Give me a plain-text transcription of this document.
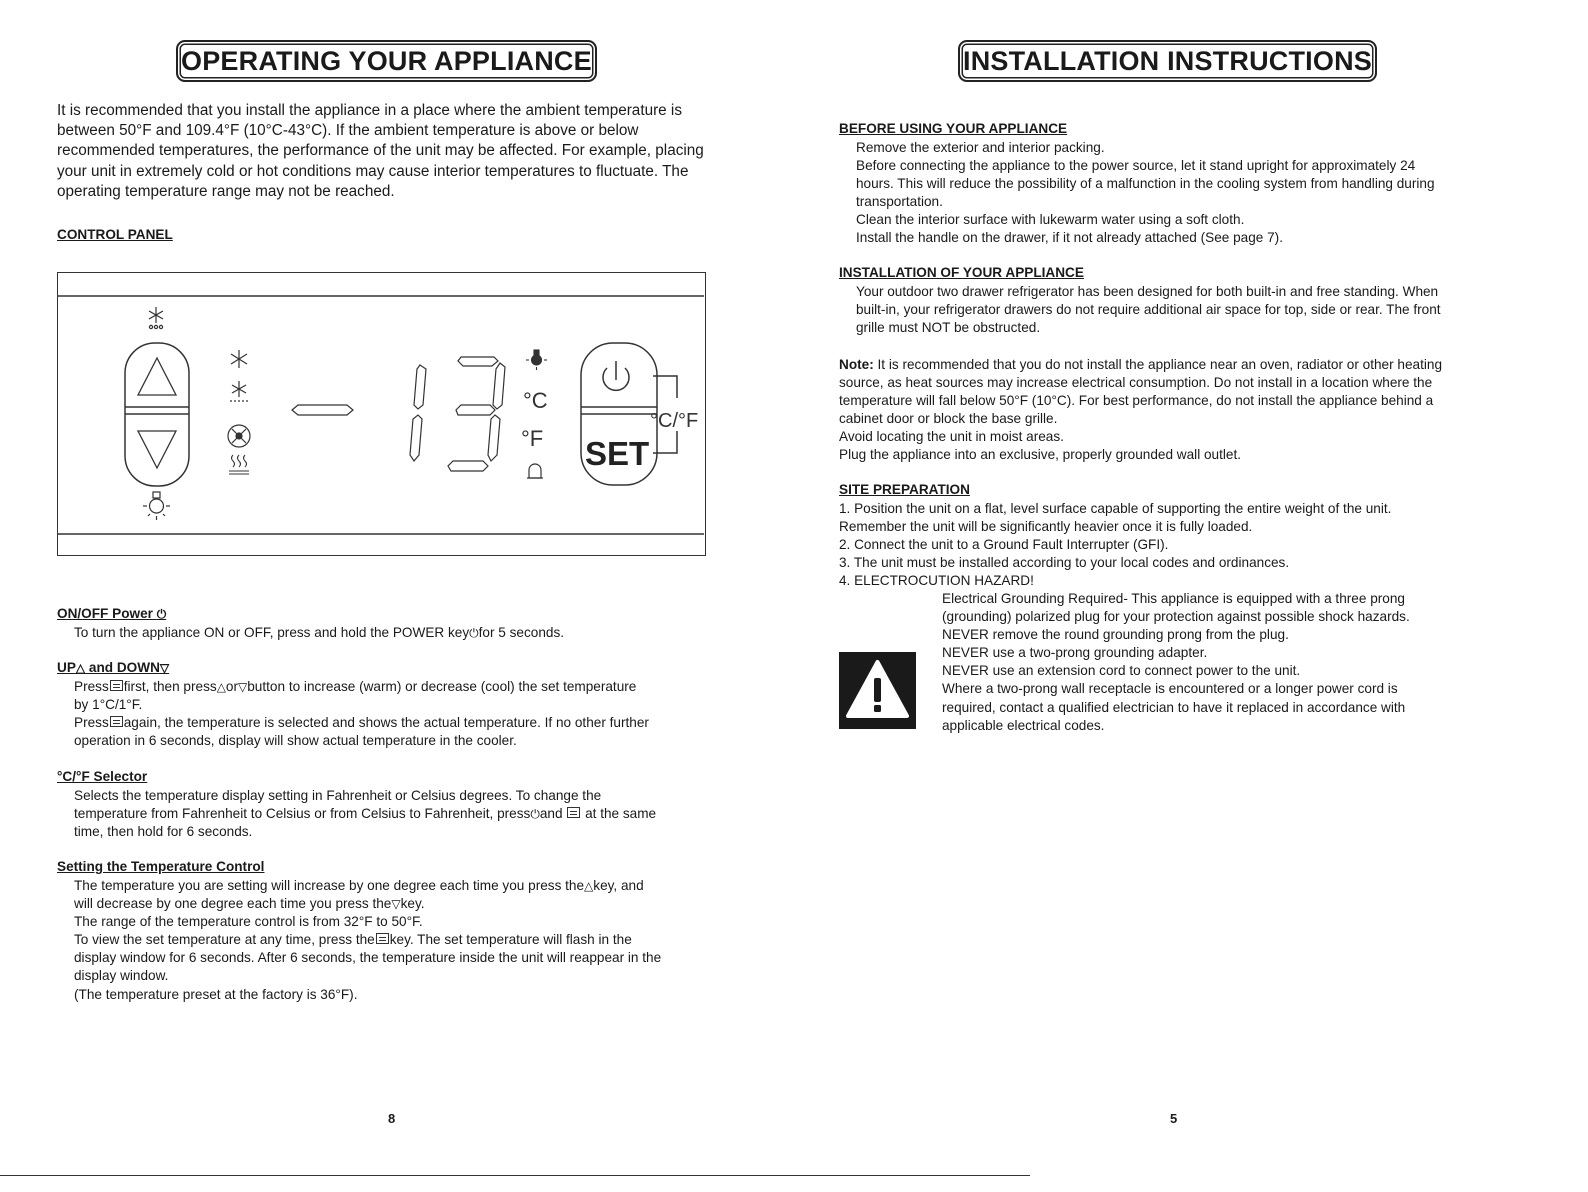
OPERATING YOUR APPLIANCE

It is recommended that you install the appliance in a place where the ambient temperature is between 50°F and 109.4°F (10°C-43°C). If the ambient temperature is above or below recommended temperatures, the performance of the unit may be affected. For example, placing your unit in extremely cold or hot conditions may cause interior temperatures to fluctuate. The operating temperature range may not be reached.

CONTROL PANEL

°C
°F SET
°C/°F

ON/OFF Power ⏻

To turn the appliance ON or OFF, press and hold the POWER key⏻for 5 seconds.

UP△ and DOWN▽

Press first, then press△or▽button to increase (warm) or decrease (cool) the set temperature

by 1°C/1°F.

Press again, the temperature is selected and shows the actual temperature. If no other further

operation in 6 seconds, display will show actual temperature in the cooler.

°C/°F Selector

Selects the temperature display setting in Fahrenheit or Celsius degrees. To change the

temperature from Fahrenheit to Celsius or from Celsius to Fahrenheit, press⏻and at the same

time, then hold for 6 seconds.

Setting the Temperature Control

The temperature you are setting will increase by one degree each time you press the△key, and

will decrease by one degree each time you press the▽key.

The range of the temperature control is from 32°F to 50°F.

To view the set temperature at any time, press the key. The set temperature will flash in the

display window for 6 seconds. After 6 seconds, the temperature inside the unit will reappear in the

display window.

(The temperature preset at the factory is 36°F).

8
INSTALLATION INSTRUCTIONS

BEFORE USING YOUR APPLIANCE

Remove the exterior and interior packing.

Before connecting the appliance to the power source, let it stand upright for approximately 24

hours. This will reduce the possibility of a malfunction in the cooling system from handling during

transportation.

Clean the interior surface with lukewarm water using a soft cloth.

Install the handle on the drawer, if it not already attached (See page 7).

INSTALLATION OF YOUR APPLIANCE

Your outdoor two drawer refrigerator has been designed for both built-in and free standing. When

built-in, your refrigerator drawers do not require additional air space for top, side or rear. The front

grille must NOT be obstructed.

Note: It is recommended that you do not install the appliance near an oven, radiator or other heating

source, as heat sources may increase electrical consumption. Do not install in a location where the

temperature will fall below 50°F (10°C). For best performance, do not install the appliance behind a

cabinet door or block the base grille.

Avoid locating the unit in moist areas.

Plug the appliance into an exclusive, properly grounded wall outlet.

SITE PREPARATION

1. Position the unit on a flat, level surface capable of supporting the entire weight of the unit.

Remember the unit will be significantly heavier once it is fully loaded.

2. Connect the unit to a Ground Fault Interrupter (GFI).

3. The unit must be installed according to your local codes and ordinances.

4. ELECTROCUTION HAZARD!

Electrical Grounding Required- This appliance is equipped with a three prong

(grounding) polarized plug for your protection against possible shock hazards.

NEVER remove the round grounding prong from the plug.

NEVER use a two-prong grounding adapter.

NEVER use an extension cord to connect power to the unit.

Where a two-prong wall receptacle is encountered or a longer power cord is

required, contact a qualified electrician to have it replaced in accordance with

applicable electrical codes.

5
